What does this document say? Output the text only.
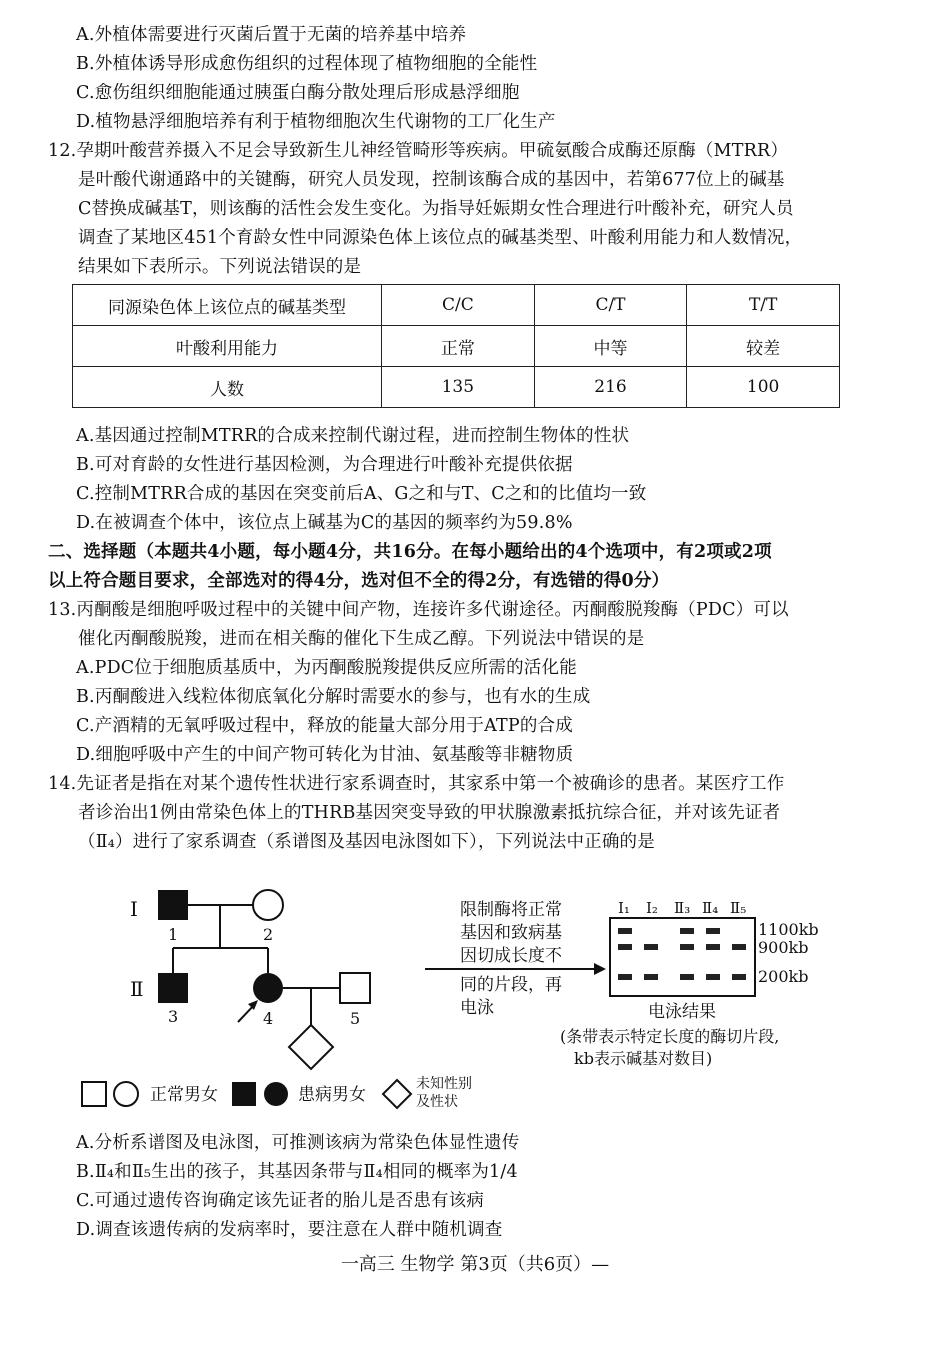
A.外植体需要进行灭菌后置于无菌的培养基中培养
B.外植体诱导形成愈伤组织的过程体现了植物细胞的全能性
C.愈伤组织细胞能通过胰蛋白酶分散处理后形成悬浮细胞
D.植物悬浮细胞培养有利于植物细胞次生代谢物的工厂化生产
12.孕期叶酸营养摄入不足会导致新生儿神经管畸形等疾病。甲硫氨酸合成酶还原酶（MTRR）
是叶酸代谢通路中的关键酶，研究人员发现，控制该酶合成的基因中，若第677位上的碱基
C替换成碱基T，则该酶的活性会发生变化。为指导妊娠期女性合理进行叶酸补充，研究人员
调查了某地区451个育龄女性中同源染色体上该位点的碱基类型、叶酸利用能力和人数情况，
结果如下表所示。下列说法错误的是
同源染色体上该位点的碱基类型	C/C	C/T	T/T
叶酸利用能力	正常	中等	较差
人数	135	216	100
A.基因通过控制MTRR的合成来控制代谢过程，进而控制生物体的性状
B.可对育龄的女性进行基因检测，为合理进行叶酸补充提供依据
C.控制MTRR合成的基因在突变前后A、G之和与T、C之和的比值均一致
D.在被调查个体中，该位点上碱基为C的基因的频率约为59.8%
二、选择题（本题共4小题，每小题4分，共16分。在每小题给出的4个选项中，有2项或2项
以上符合题目要求，全部选对的得4分，选对但不全的得2分，有选错的得0分）
13.丙酮酸是细胞呼吸过程中的关键中间产物，连接许多代谢途径。丙酮酸脱羧酶（PDC）可以
催化丙酮酸脱羧，进而在相关酶的催化下生成乙醇。下列说法中错误的是
A.PDC位于细胞质基质中，为丙酮酸脱羧提供反应所需的活化能
B.丙酮酸进入线粒体彻底氧化分解时需要水的参与，也有水的生成
C.产酒精的无氧呼吸过程中，释放的能量大部分用于ATP的合成
D.细胞呼吸中产生的中间产物可转化为甘油、氨基酸等非糖物质
14.先证者是指在对某个遗传性状进行家系调查时，其家系中第一个被确诊的患者。某医疗工作
者诊治出1例由常染色体上的THRB基因突变导致的甲状腺激素抵抗综合征，并对该先证者
（Ⅱ₄）进行了家系调查（系谱图及基因电泳图如下），下列说法中正确的是
Ⅰ
Ⅱ
1	2
3	4	5
限制酶将正常
基因和致病基
因切成长度不
同的片段，再
电泳
Ⅰ₁ Ⅰ₂ Ⅱ₃ Ⅱ₄ Ⅱ₅
1100kb
900kb
200kb
电泳结果
(条带表示特定长度的酶切片段,
kb表示碱基对数目)
正常男女	患病男女
未知性别
及性状
A.分析系谱图及电泳图，可推测该病为常染色体显性遗传
B.Ⅱ₄和Ⅱ₅生出的孩子，其基因条带与Ⅱ₄相同的概率为1/4
C.可通过遗传咨询确定该先证者的胎儿是否患有该病
D.调查该遗传病的发病率时，要注意在人群中随机调查
一高三 生物学 第3页（共6页）—
